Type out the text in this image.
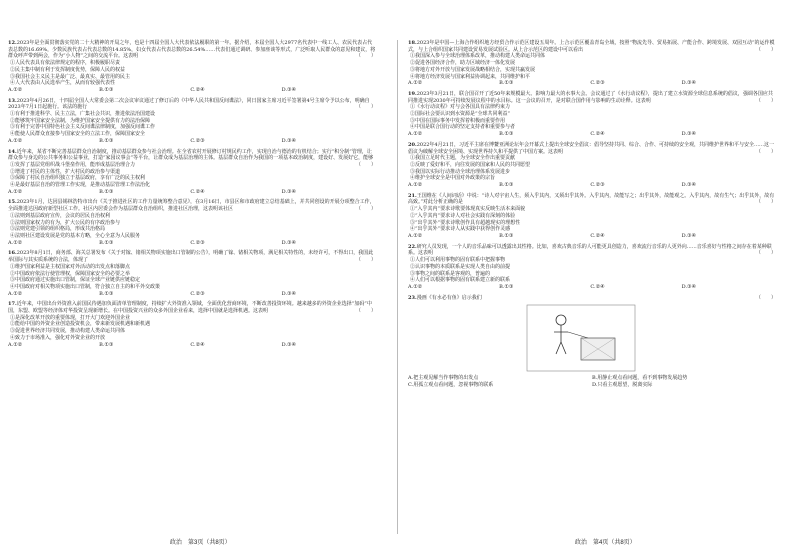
12.2023年是全面贯彻落实党的二十大精神的开局之年，也是十四届全国人大代表依法履职的第一年。据介绍，本届全国人大2977名代表中一线工人、农民代表占代表总数的16.69%，少数民族代表占代表总数的14.85%，妇女代表占代表总数的26.54%……代表们通过调研、参加座谈等形式，广泛听取人民群众的意见和建议，将群众呼声带到两会，作为“小人物”之间的交流平台。这表明	（　　）
①人民代表具有依法律规定的程序，积极履职尽责
②民主集中制有利于发挥制度优势，保障人民的权益
③我国社会主义民主是最广泛、最真实、最管用的民主
④人大代表由人民选举产生，从而有较强代表性
A.①②	B.①③	C.②④	D.③④
13.2023年4月26日，十四届全国人大常委会第二次会议审议通过了修订后的《中华人民共和国反间谍法》，同日国家主席习近平签署第4号主席令予以公布，明确自2023年7月1日起施行。该法的施行	（　　）
①有利于推进科学、民主立法，广集社会共识，推进依法治国建设
②能够筑牢国家安全法制，为维护国家安全提供有力的法治保障
③有利于完善中国特色社会主义反间谍法律制度，加强反间谍工作
④能使人民群众直接参与国家安全的立法工作，保障国家安全
A.①②	B.①③	C.②③	D.③④
14.近年来，某省不断完善基层群众自治制度，推动基层群众参与社会治理。在全省农村开展修订村规民约工作，实现自治与德治的有机结合；实行“积分制”管理，让群众参与身边的公共事务和公益事业，打造“家园议事会”等平台，让群众成为基层治理的主体。基层群众自治作为我国的一项基本政治制度，建设好、发展好它，能够
（　　）
①发挥了基层党组织战斗堡垒作用，能形成基层治理合力
②增进了村民的主体性，扩大村民的政治参与渠道
③保障了村民自治组织独立于基层政府，享有广泛的民主权利
④是最好基层自治的管理工作实现，是推动基层管理工作法治化
A.①②	B.①③	C.②④	D.③④
15.2023年1月，达因县锡林浩特市出台《关于推进社区的工作力量统筹整合意见》，在3月16日，市县区和市政府建立总结基础上，并共同创设的开展分项整合工作，全面推进达因政府新型社区工作。社区内居委会作为基层群众自治组织，推进社区治理，这表明该社区	（　　）
①法则到基层政府宣传，会议的居民自治权利
②法则国家权力的有为，扩大公民的有序政治参与
③法则党建引领的组织格局，形成共治格局
④法则社区建设发展是党的基本方略，全心全意为人民服务
A.①②	B.①③	C.②③	D.③④
16.2023年8月1日，商务部、海关总署发布《关于对镓、锗相关物项实施出口管制的公告》，明确了镓、锗相关物项，满足相关特性的，未经许可，不得出口，我国此举国际与其实质系统的合法，体现了	（　　）
①维护国家利益是主权国家对外活动的出发点和落脚点
②中国政府依法行使管理权，保障国家安全的必要之举
③中国政府通过实施出口管制，保证全球产业链供应链稳定
④中国政府对相关物项实施出口管制，符合独立自主的和平外交政策
A.①②	B.①③	C.②③	D.③④
17.近年来，中国出台外资准入前国民待遇加负面清单管理制度，持续扩大外资准入领域，全面优化营商环境，不断改善投资环境。越来越多的外资企业选择“加码”中国，东盟、欧盟等经济体对华投资呈现新增长。在中国投资兴业的众多外国企业看来，选择中国就是选择机遇。这表明	（　　）
①是深化改革开放的重要体现，打开大门欢迎外国企业
②能给中国的外资企业创造投资机会，带来新发展机遇和新机遇
③促进世界经济共同发展，推动构建人类命运共同体
④致力于市场准入，强化对外资企业的开放
A.①②	B.①③	C.②④	D.③④
18.2023年是中国—上海合作组织地方经贸合作示范区建设五周年。上合示范区覆盖青岛全域，按照“物流先导、贸易拓展、产能合作、跨境发展、双园互动”的运作模式，与上合组织国家共同建设贸易发展试验区。从上合示范区的建设中可以看出	（　　）
①我国深入参与全球治理体系改革，推动构建人类命运共同体
②促进各国经济合作，助力区域经济一体化发展
③将地方对外开放与国家发展战略相结合，实现共赢发展
④将地方经济发展与国家利益协调起来，共同维护和平
A.①②	B.①③	C.②③	D.③④
19.2023年3月21日，联合国召开了近50年来规模最大、影响力最大的水事大会。会议通过了《水行动议程》，提出了建立水资源全球信息系统的倡议，强调各国应共同推进实现2030年可持续发展议程中的水目标。这一会议的召开，是对联合国作用与影响的生动诠释。这表明	（　　）
①《水行动议程》对与会各国具有法律约束力
②国际社会要认识到水资源是“全球共同利益”
③中国在国际事务中发挥着积极而重要作用
④中国是联合国行动的坚定支持者和重要参与者
A.①②	B.①③	C.②④	D.③④
20.2022年4月21日，习近平主席在博鳌亚洲论坛年会开幕式上提出全球安全倡议：倡导坚持共同、综合、合作、可持续的安全观，共同维护世界和平与安全……这一倡议为破解全球安全困境、实现世界持久和平提供了中国方案。这表明	（　　）
①我国立足时代主题，为全球安全作出重要贡献
②反映了爱好和平，向往发展的国家和人民的共同愿望
③我国以实际行动推动全球治理体系发展进步
④维护全球安全是中国对外政策的宗旨
A.①②	B.①③	C.②③	D.③④
21.王国维在《人间词话》中说：“诗人对宇宙人生，须入乎其内，又须出乎其外。入乎其内，故能写之；出乎其外，故能观之。入乎其内，故有生气；出乎其外，故有高致。”对此分析正确的是	（　　）
①“入乎其内”要求诗歌要体现真实反映生活本来面貌
②“入乎其内”要求诗人对社会实践有深刻的体验
③“出乎其外”要求诗歌创作具有超越现实的理想性
④“出乎其外”要求诗人从实践中获得创作灵感
A.①②	B.①③	C.②④	D.③④
22.研究人员发现，一个人的音乐品味可以透露出其性格。比如，喜欢古典音乐的人可能更具创造力，喜欢流行音乐的人更外向……音乐喜好与性格之间存在着某种联系。这表明	（　　）
①人们可以利用事物的固有联系中把握事物
②认识事物的本质联系是实现人类自由的前提
③事物之间的联系是客观的，普遍的
④人们可以根据事物的固有联系建立新的联系
A.①②	B.①③	C.②④	D.③④
23.漫画《有水必有鱼》启示我们	（　　）
A.把主观见解当作事物的出发点	B.用静止观点看问题，看不到事物发展趋势
C.用孤立观点看问题，忽视事物的联系	D.只看主观愿望，脱离实际
政治　第3页（共8页）	政治　第4页（共8页）
